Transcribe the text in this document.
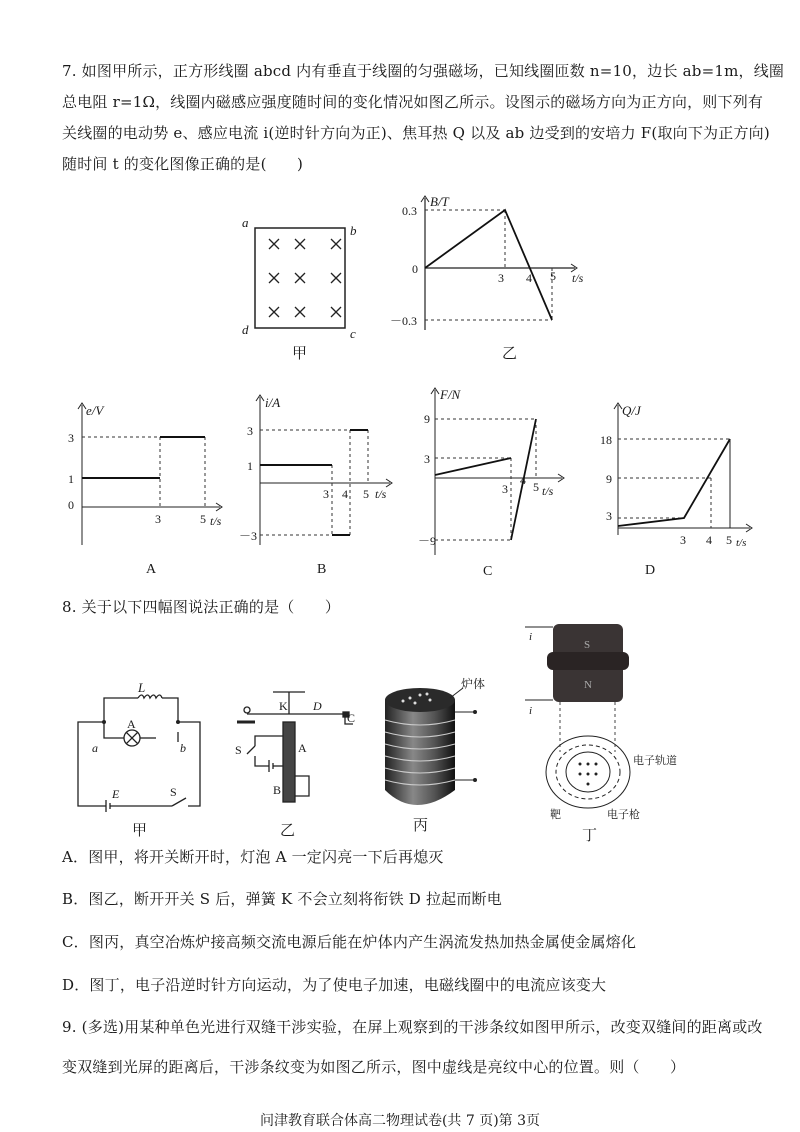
7. 如图甲所示，正方形线圈 abcd 内有垂直于线圈的匀强磁场，已知线圈匝数 n=10，边长 ab=1m，线圈
总电阻 r=1Ω，线圈内磁感应强度随时间的变化情况如图乙所示。设图示的磁场方向为正方向，则下列有
关线圈的电动势 e、感应电流 i(逆时针方向为正)、焦耳热 Q 以及 ab 边受到的安培力 F(取向下为正方向)
随时间 t 的变化图像正确的是(　　)
a
b
c
d
甲
B/T
0.3
0
－0.3
3 4 5 t/s
乙
e/V
3
1
0
3	5 t/s
A
i/A
3
1
－3
3 4 5 t/s
B
F/N
9
3
－9
3
4 5 t/s
C
Q/J
18
9
3
3 4 5 t/s
D
8. 关于以下四幅图说法正确的是（　　）
L
A
a	b
E	S
甲
K D
C
S	A
B
乙
炉体
丙
i
i
S
N
电子轨道
靶	电子枪
丁
A．图甲，将开关断开时，灯泡 A 一定闪亮一下后再熄灭
B．图乙，断开开关 S 后，弹簧 K 不会立刻将衔铁 D 拉起而断电
C．图丙，真空冶炼炉接高频交流电源后能在炉体内产生涡流发热加热金属使金属熔化
D．图丁，电子沿逆时针方向运动，为了使电子加速，电磁线圈中的电流应该变大
9. (多选)用某种单色光进行双缝干涉实验，在屏上观察到的干涉条纹如图甲所示，改变双缝间的距离或改
变双缝到光屏的距离后，干涉条纹变为如图乙所示，图中虚线是亮纹中心的位置。则（　　）
问津教育联合体高二物理试卷(共 7 页)第 3页
